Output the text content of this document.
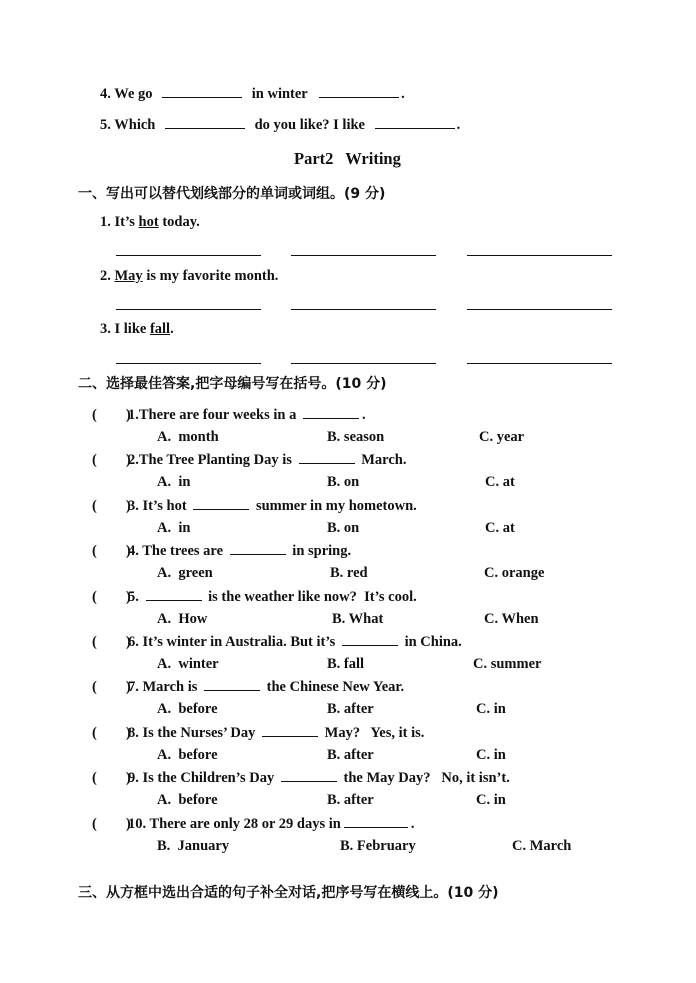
4. We go	in winter	.
5. Which	do you like? I like	.
Part2 Writing
一、写出可以替代划线部分的单词或词组。(9 分)
1. It’s hot today.
2. May is my favorite month.
3. I like fall.
二、选择最佳答案,把字母编号写在括号。(10 分)
(        )1.There are four weeks in a	.
A.  month	B. season	C. year
(        )2.The Tree Planting Day is	March.
A.  in	B. on	C. at
(        )3. It’s hot	summer in my hometown.
A.  in	B. on	C. at
(        )4. The trees are	in spring.
A.  green	B. red	C. orange
(        )5.	is the weather like now?  It’s cool.
A.  How	B. What	C. When
(        )6. It’s winter in Australia. But it’s	in China.
A.  winter	B. fall	C. summer
(        )7. March is	the Chinese New Year.
A.  before	B. after	C. in
(        )8. Is the Nurses’ Day	May?   Yes, it is.
A.  before	B. after	C. in
(        )9. Is the Children’s Day	the May Day?   No, it isn’t.
A.  before	B. after	C. in
(        )10. There are only 28 or 29 days in	.
B.  January	B. February	C. March
三、从方框中选出合适的句子补全对话,把序号写在横线上。(10 分)
